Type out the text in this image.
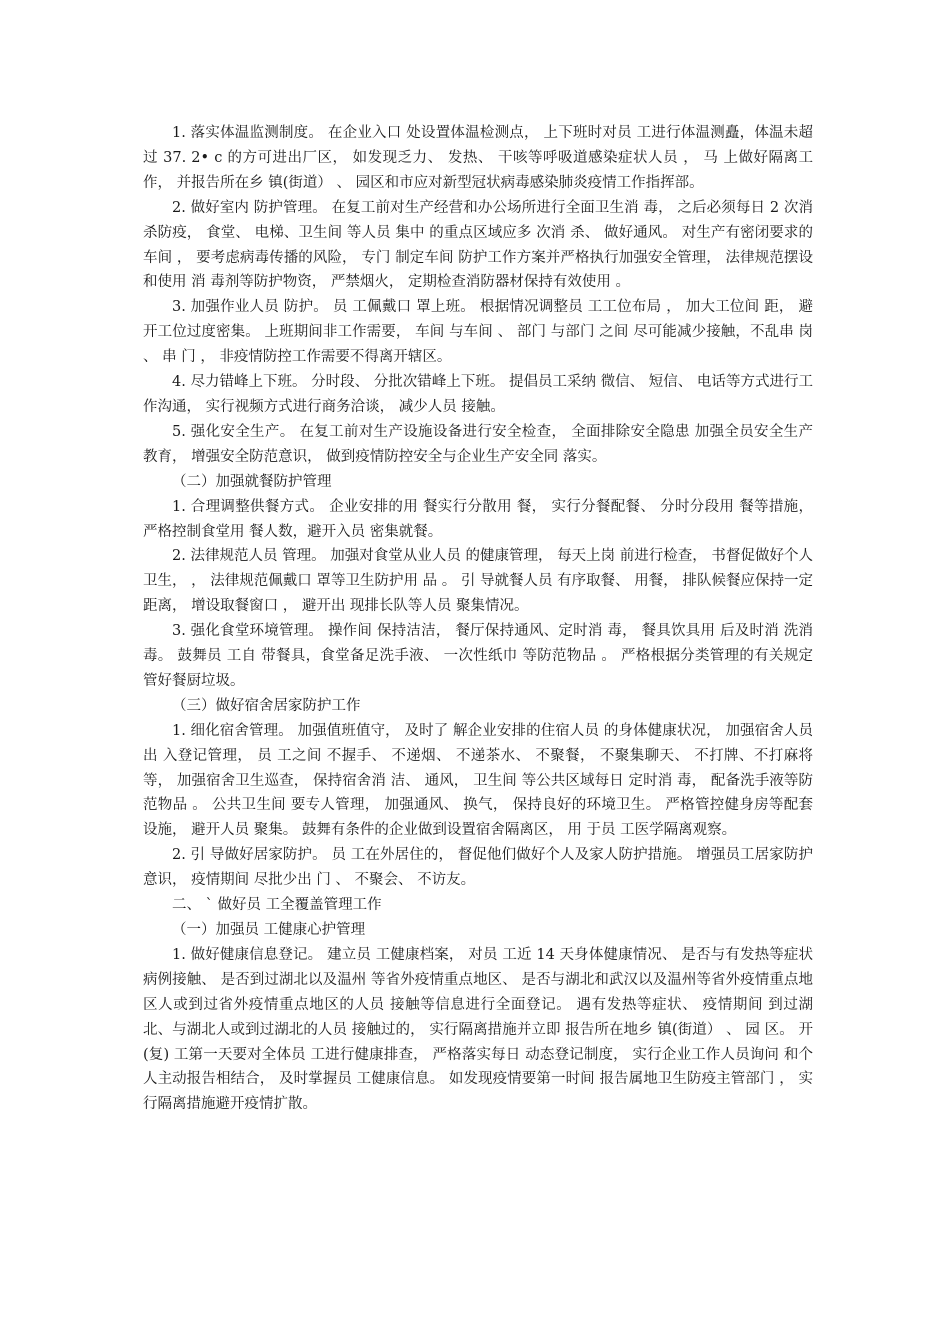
1. 落实体温监测制度。 在企业入口 处设置体温检测点， 上下班时对员 工进行体温测矗，体温未超过 37. 2• c 的方可进出厂区， 如发现乏力、 发热、 干咳等呼吸道感染症状人员 ， 马 上做好隔离工作， 并报告所在乡 镇(街道） 、 园区和市应对新型冠状病毒感染肺炎疫情工作指挥部。

2. 做好室内 防护管理。 在复工前对生产经营和办公场所进行全面卫生消 毒， 之后必须每日 2 次消 杀防疫， 食堂、 电梯、卫生间 等人员 集中 的重点区域应多 次消 杀、 做好通风。 对生产有密闭要求的车间 ， 要考虑病毒传播的风险， 专门 制定车间 防护工作方案并严格执行加强安全管理， 法律规范摆设和使用 消 毒剂等防护物资， 严禁烟火， 定期检查消防器材保持有效使用 。

3. 加强作业人员 防护。 员 工佩戴口 罩上班。 根据情况调整员 工工位布局 ， 加大工位间 距， 避开工位过度密集。 上班期间非工作需要， 车间 与车间 、 部门 与部门 之间 尽可能减少接触，不乱串 岗 、 串 门 ， 非疫情防控工作需要不得离开辖区。

4. 尽力错峰上下班。 分时段、 分批次错峰上下班。 提倡员工采纳 微信、 短信、 电话等方式进行工作沟通， 实行视频方式进行商务洽谈， 减少人员 接触。

5. 强化安全生产。 在复工前对生产设施设备进行安全检查， 全面排除安全隐患 加强全员安全生产教育， 增强安全防范意识， 做到疫情防控安全与企业生产安全同 落实。

（二）加强就餐防护管理

1. 合理调整供餐方式。 企业安排的用 餐实行分散用 餐， 实行分餐配餐、 分时分段用 餐等措施， 严格控制食堂用 餐人数，避开入员 密集就餐。

2. 法律规范人员 管理。 加强对食堂从业人员 的健康管理， 每天上岗 前进行检查， 书督促做好个人卫生， ， 法律规范佩戴口 罩等卫生防护用 品 。 引 导就餐人员 有序取餐、 用餐， 排队候餐应保持一定距离， 增设取餐窗口 ， 避开出 现排长队等人员 聚集情况。

3. 强化食堂环境管理。 操作间 保持洁洁， 餐厅保持通风、定时消 毒， 餐具饮具用 后及时消 洗消 毒。 鼓舞员 工自 带餐具，食堂备足洗手液、 一次性纸巾 等防范物品 。 严格根据分类管理的有关规定管好餐厨垃圾。

（三）做好宿舍居家防护工作

1. 细化宿舍管理。 加强值班值守， 及时了 解企业安排的住宿人员 的身体健康状况， 加强宿舍人员 出 入登记管理， 员 工之间 不握手、 不递烟、 不递茶水、 不聚餐， 不聚集聊天、 不打牌、不打麻将等， 加强宿舍卫生巡查， 保持宿舍消 洁、 通风， 卫生间 等公共区域每日 定时消 毒， 配备洗手液等防范物品 。 公共卫生间 要专人管理， 加强通风、 换气， 保持良好的环境卫生。 严格管控健身房等配套设施， 避开人员 聚集。 鼓舞有条件的企业做到设置宿舍隔离区， 用 于员 工医学隔离观察。

2. 引 导做好居家防护。 员 工在外居住的， 督促他们做好个人及家人防护措施。 增强员工居家防护意识， 疫情期间 尽批少出 门 、 不聚会、 不访友。

二、 ` 做好员 工全覆盖管理工作

（一）加强员 工健康心护管理

1. 做好健康信息登记。 建立员 工健康档案， 对员 工近 14 天身体健康情况、 是否与有发热等症状病例接触、 是否到过湖北以及温州 等省外疫情重点地区、 是否与湖北和武汉以及温州等省外疫情重点地区人或到过省外疫情重点地区的人员 接触等信息进行全面登记。 遇有发热等症状、 疫情期间 到过湖北、与湖北人或到过湖北的人员 接触过的， 实行隔离措施并立即 报告所在地乡 镇(街道） 、 园 区。 开(复) 工第一天要对全体员 工进行健康排查， 严格落实每日 动态登记制度， 实行企业工作人员询问 和个人主动报告相结合， 及时掌握员 工健康信息。 如发现疫情要第一时间 报告属地卫生防疫主管部门 ， 实行隔离措施避开疫情扩散。
